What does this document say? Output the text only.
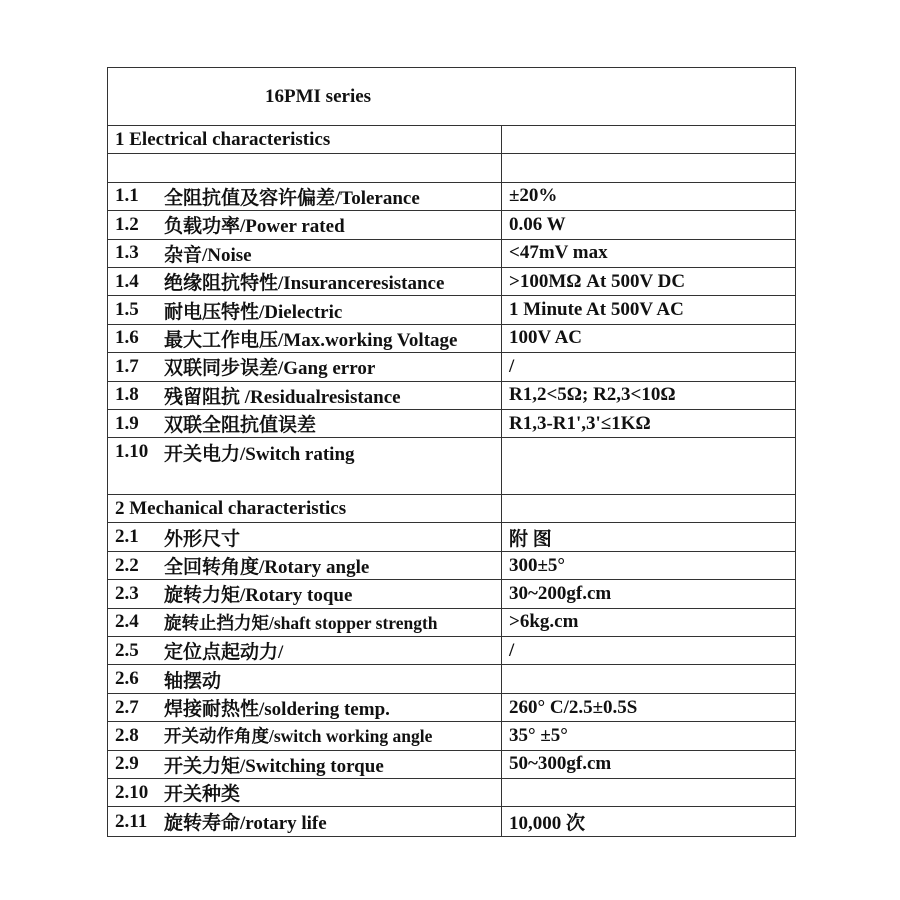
16PMI series
1 Electrical characteristics
1.1	全阻抗值及容许偏差/Tolerance	±20%
1.2	负载功率/Power rated	0.06 W
1.3	杂音/Noise	<47mV max
1.4	绝缘阻抗特性/Insuranceresistance	>100MΩ At 500V DC
1.5	耐电压特性/Dielectric	1 Minute At 500V AC
1.6	最大工作电压/Max.working Voltage	100V AC
1.7	双联同步误差/Gang error	/
1.8	残留阻抗 /Residualresistance	R1,2<5Ω; R2,3<10Ω
1.9	双联全阻抗值误差	R1,3-R1',3'≤1KΩ
1.10 开关电力/Switch rating
2 Mechanical characteristics
2.1	外形尺寸	附 图
2.2	全回转角度/Rotary angle	300±5°
2.3	旋转力矩/Rotary toque	30~200gf.cm
2.4	旋转止挡力矩/shaft stopper strength	>6kg.cm
2.5	定位点起动力/	/
2.6	轴摆动
2.7	焊接耐热性/soldering temp.	260° C/2.5±0.5S
2.8	开关动作角度/switch working angle	35° ±5°
2.9	开关力矩/Switching torque	50~300gf.cm
2.10 开关种类
2.11 旋转寿命/rotary life	10,000 次
